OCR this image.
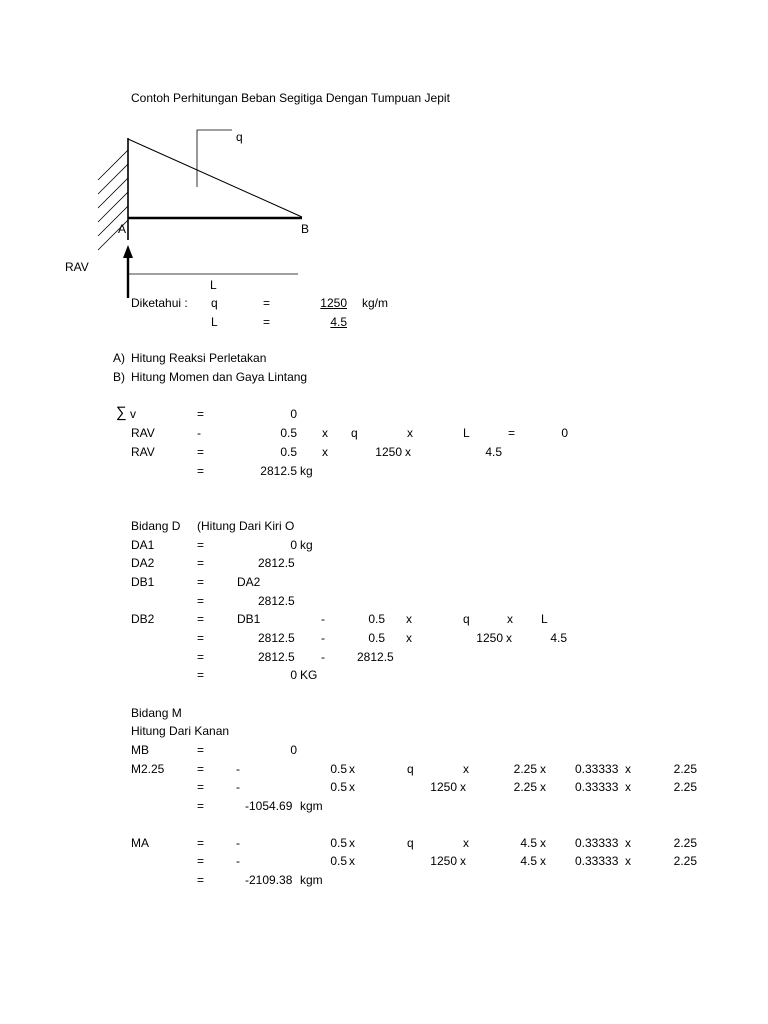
Contoh Perhitungan Beban Segitiga Dengan Tumpuan Jepit
q
A	B
RAV
L
Diketahui : q	=	1250 kg/m
L	=	4.5
A) Hitung Reaksi Perletakan
B) Hitung Momen dan Gaya Lintang
∑ v	=	0
RAV	-	0.5 x q	x	L	=	0
RAV	=	0.5 x	1250 x	4.5
=	2812.5 kg
Bidang D (Hitung Dari Kiri O
DA1	=	0 kg
DA2	=	2812.5
DB1	=	DA2
=	2812.5
DB2	=	DB1	-	0.5 x	q	x L
=	2812.5 -	0.5 x	1250 x	4.5
=	2812.5 -	2812.5
=	0 KG
Bidang M
Hitung Dari Kanan
MB	=	0
M2.25	=	-	0.5 x	q	x	2.25 x 0.33333 x	2.25
=	-	0.5 x	1250 x	2.25 x 0.33333 x	2.25
=	-1054.69 kgm
MA	=	-	0.5 x	q	x	4.5 x 0.33333 x	2.25
=	-	0.5 x	1250 x	4.5 x 0.33333 x	2.25
=	-2109.38 kgm
